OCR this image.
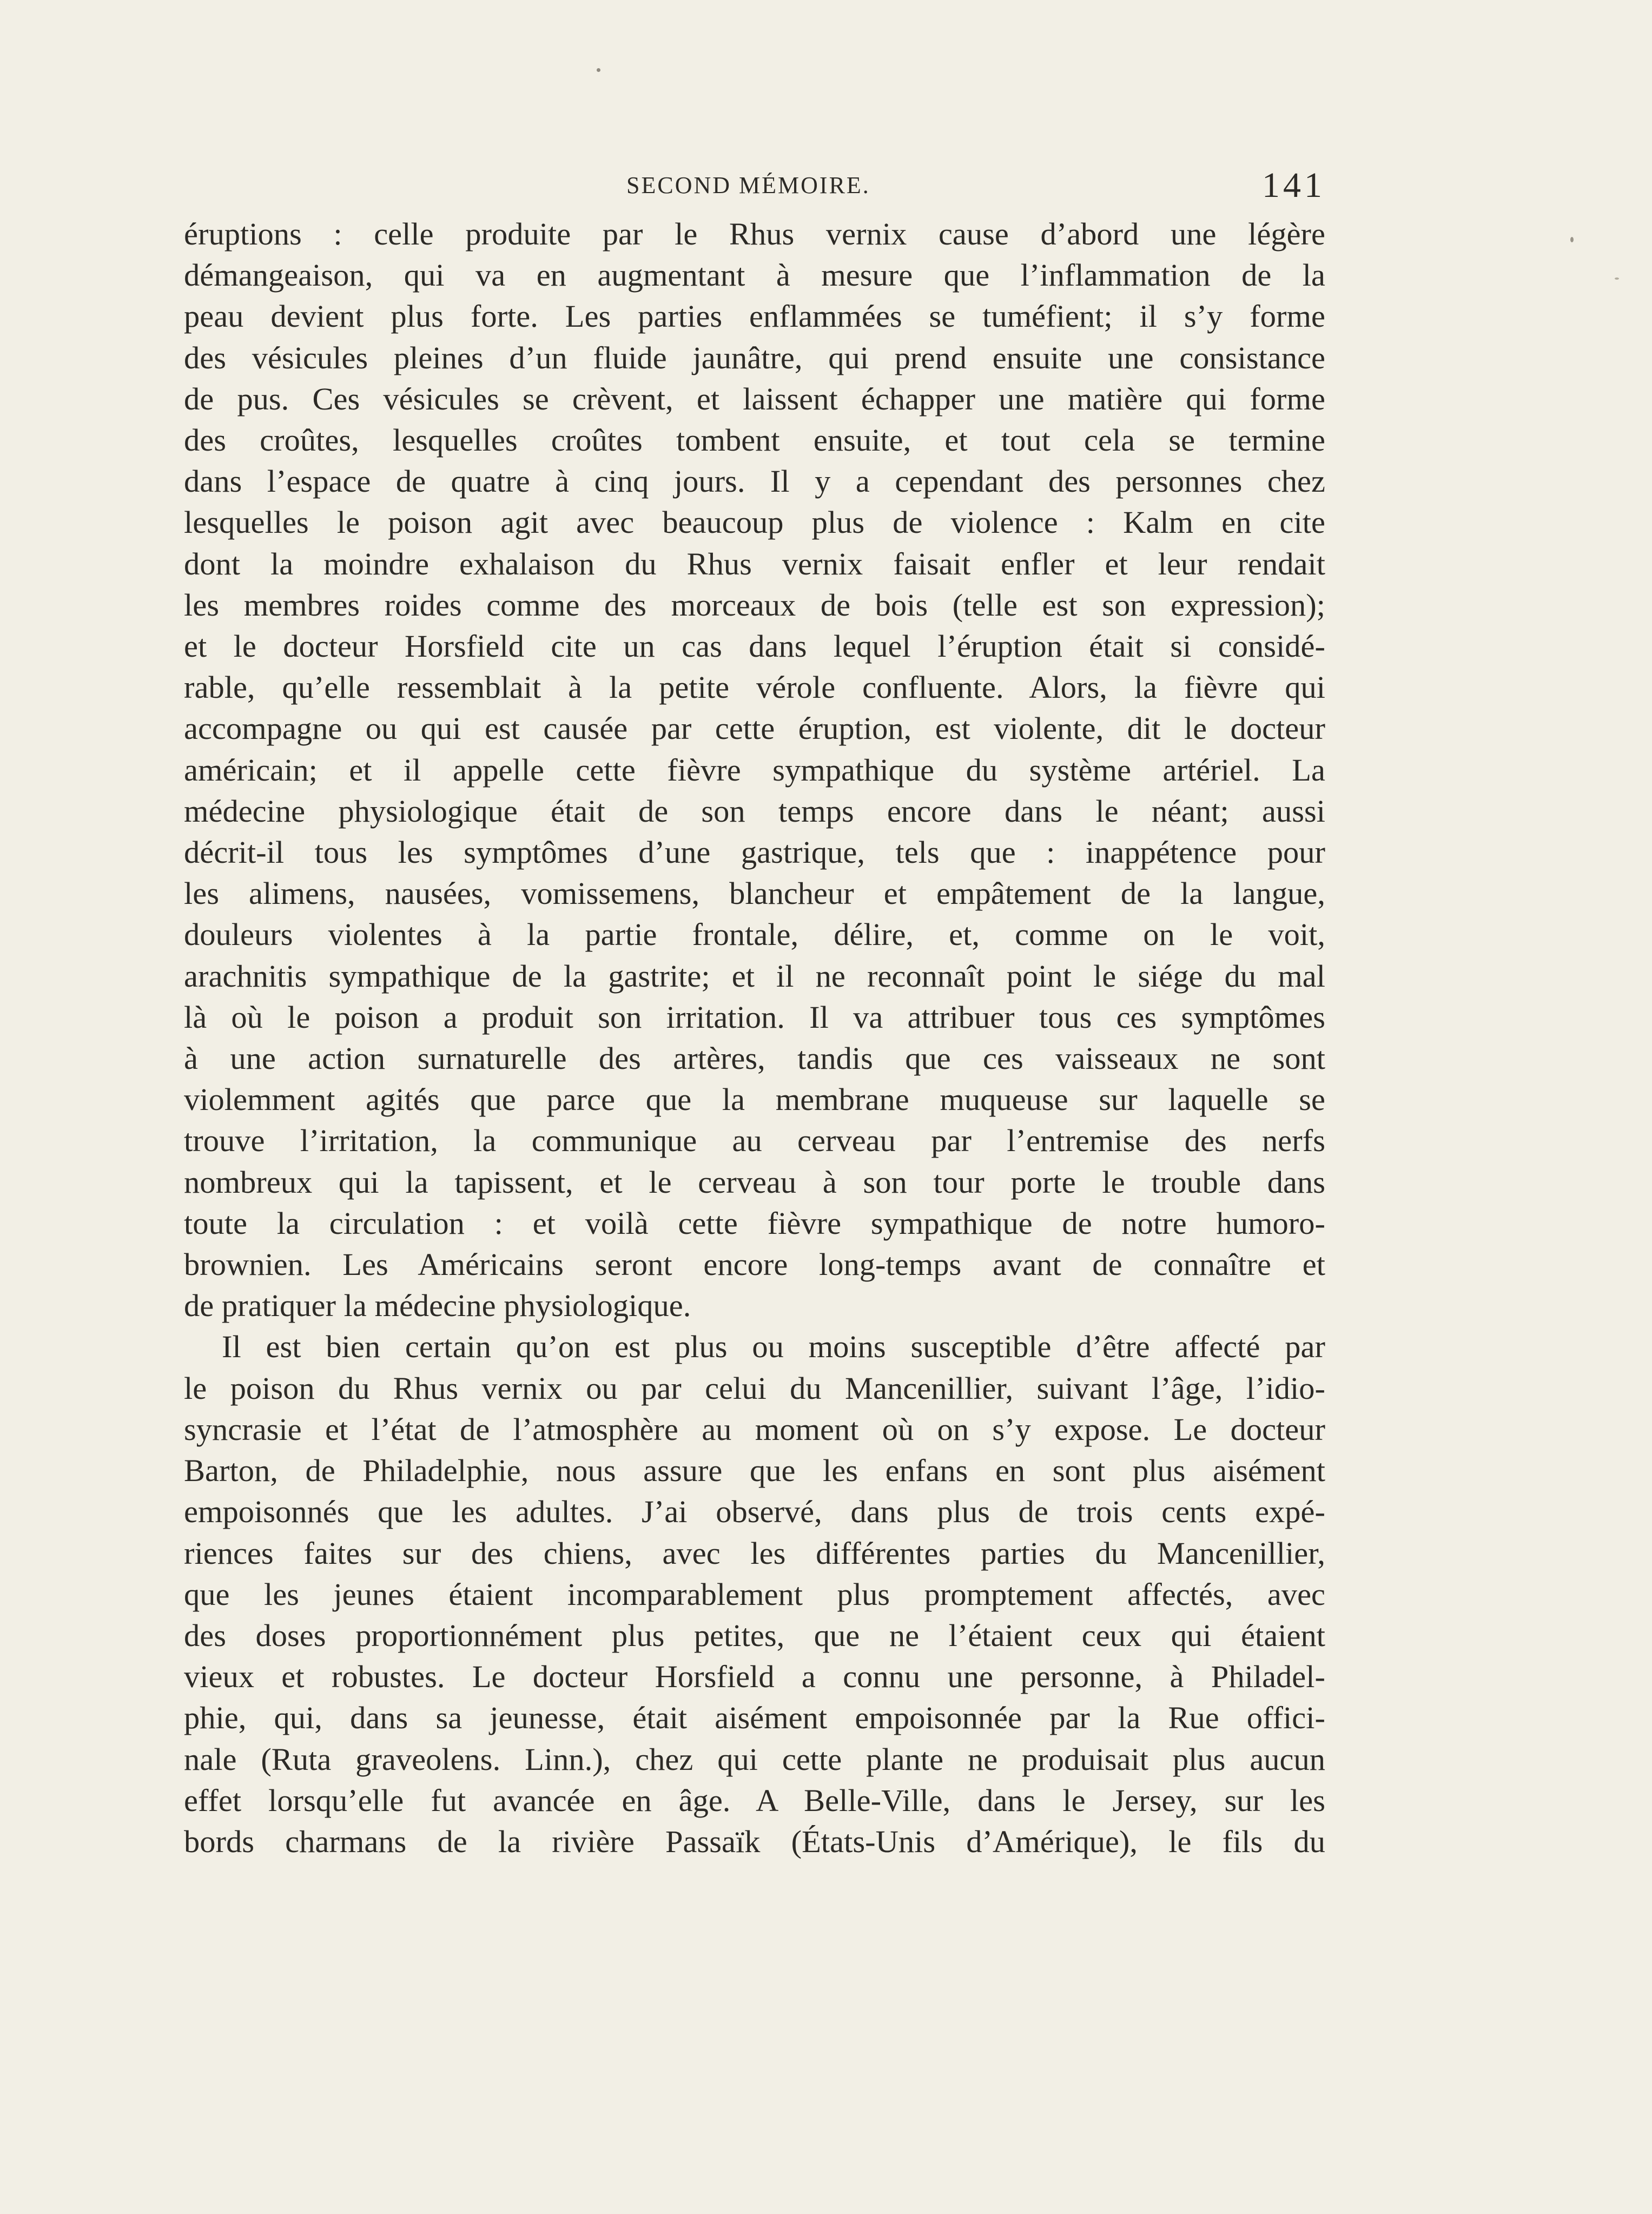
SECOND MÉMOIRE.	141
éruptions : celle produite par le Rhus vernix cause d’abord une légère
démangeaison, qui va en augmentant à mesure que l’inflammation de la
peau devient plus forte. Les parties enflammées se tuméfient; il s’y forme
des vésicules pleines d’un fluide jaunâtre, qui prend ensuite une consistance
de pus. Ces vésicules se crèvent, et laissent échapper une matière qui forme
des croûtes, lesquelles croûtes tombent ensuite, et tout cela se termine
dans l’espace de quatre à cinq jours. Il y a cependant des personnes chez
lesquelles le poison agit avec beaucoup plus de violence : Kalm en cite
dont la moindre exhalaison du Rhus vernix faisait enfler et leur rendait
les membres roides comme des morceaux de bois (telle est son expression);
et le docteur Horsfield cite un cas dans lequel l’éruption était si considé-
rable, qu’elle ressemblait à la petite vérole confluente. Alors, la fièvre qui
accompagne ou qui est causée par cette éruption, est violente, dit le docteur
américain; et il appelle cette fièvre sympathique du système artériel. La
médecine physiologique était de son temps encore dans le néant; aussi
décrit-il tous les symptômes d’une gastrique, tels que : inappétence pour
les alimens, nausées, vomissemens, blancheur et empâtement de la langue,
douleurs violentes à la partie frontale, délire, et, comme on le voit,
arachnitis sympathique de la gastrite; et il ne reconnaît point le siége du mal
là où le poison a produit son irritation. Il va attribuer tous ces symptômes
à une action surnaturelle des artères, tandis que ces vaisseaux ne sont
violemment agités que parce que la membrane muqueuse sur laquelle se
trouve l’irritation, la communique au cerveau par l’entremise des nerfs
nombreux qui la tapissent, et le cerveau à son tour porte le trouble dans
toute la circulation : et voilà cette fièvre sympathique de notre humoro-
brownien. Les Américains seront encore long-temps avant de connaître et
de pratiquer la médecine physiologique.
Il est bien certain qu’on est plus ou moins susceptible d’être affecté par
le poison du Rhus vernix ou par celui du Mancenillier, suivant l’âge, l’idio-
syncrasie et l’état de l’atmosphère au moment où on s’y expose. Le docteur
Barton, de Philadelphie, nous assure que les enfans en sont plus aisément
empoisonnés que les adultes. J’ai observé, dans plus de trois cents expé-
riences faites sur des chiens, avec les différentes parties du Mancenillier,
que les jeunes étaient incomparablement plus promptement affectés, avec
des doses proportionnément plus petites, que ne l’étaient ceux qui étaient
vieux et robustes. Le docteur Horsfield a connu une personne, à Philadel-
phie, qui, dans sa jeunesse, était aisément empoisonnée par la Rue offici-
nale (Ruta graveolens. Linn.), chez qui cette plante ne produisait plus aucun
effet lorsqu’elle fut avancée en âge. A Belle-Ville, dans le Jersey, sur les
bords charmans de la rivière Passaïk (États-Unis d’Amérique), le fils du
